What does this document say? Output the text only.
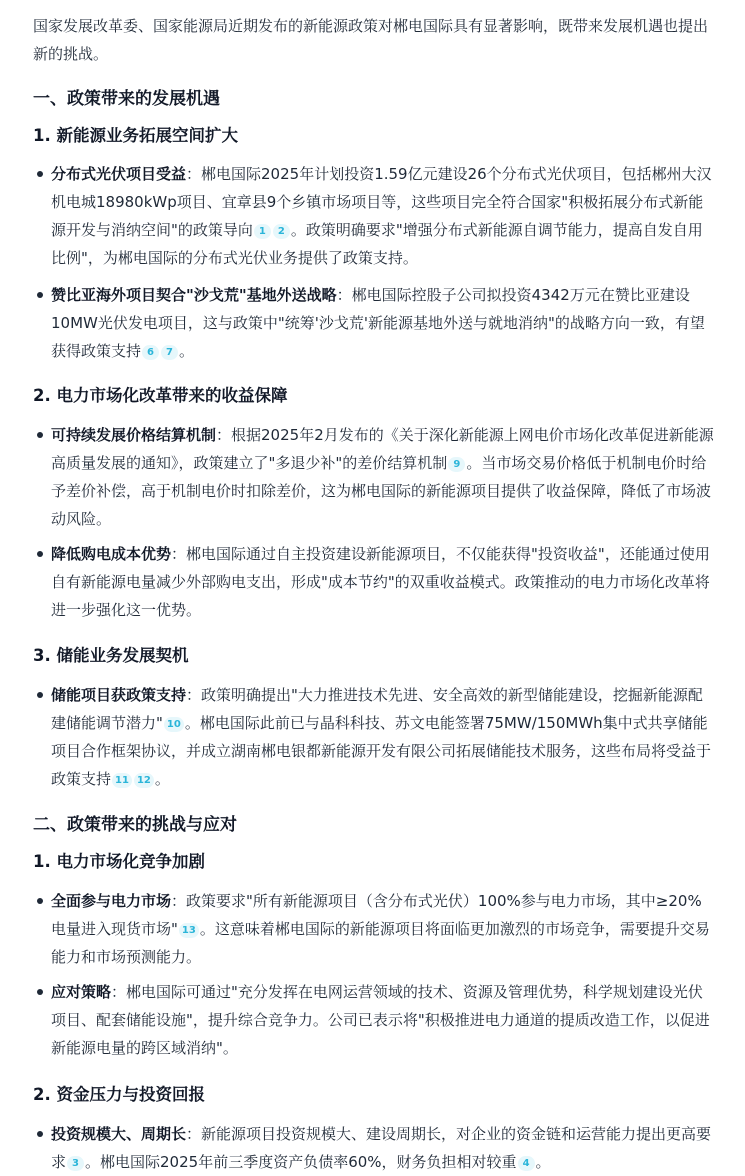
国家发展改革委、国家能源局近期发布的新能源政策对郴电国际具有显著影响，既带来发展机遇也提出新的挑战。

一、政策带来的发展机遇
1. 新能源业务拓展空间扩大
分布式光伏项目受益：郴电国际2025年计划投资1.59亿元建设26个分布式光伏项目，包括郴州大汉机电城18980kWp项目、宜章县9个乡镇市场项目等，这些项目完全符合国家"积极拓展分布式新能源开发与消纳空间"的政策导向 1 2 。政策明确要求"增强分布式新能源自调节能力，提高自发自用比例"，为郴电国际的分布式光伏业务提供了政策支持。
赞比亚海外项目契合"沙戈荒"基地外送战略：郴电国际控股子公司拟投资4342万元在赞比亚建设10MW光伏发电项目，这与政策中"统筹'沙戈荒'新能源基地外送与就地消纳"的战略方向一致，有望获得政策支持 6 7 。
2. 电力市场化改革带来的收益保障
可持续发展价格结算机制：根据2025年2月发布的《关于深化新能源上网电价市场化改革促进新能源高质量发展的通知》，政策建立了"多退少补"的差价结算机制 9 。当市场交易价格低于机制电价时给予差价补偿，高于机制电价时扣除差价，这为郴电国际的新能源项目提供了收益保障，降低了市场波动风险。
降低购电成本优势：郴电国际通过自主投资建设新能源项目，不仅能获得"投资收益"，还能通过使用自有新能源电量减少外部购电支出，形成"成本节约"的双重收益模式。政策推动的电力市场化改革将进一步强化这一优势。
3. 储能业务发展契机
储能项目获政策支持：政策明确提出"大力推进技术先进、安全高效的新型储能建设，挖掘新能源配建储能调节潜力" 10 。郴电国际此前已与晶科科技、苏文电能签署75MW/150MWh集中式共享储能项目合作框架协议，并成立湖南郴电银都新能源开发有限公司拓展储能技术服务，这些布局将受益于政策支持 11 12 。
二、政策带来的挑战与应对
1. 电力市场化竞争加剧
全面参与电力市场：政策要求"所有新能源项目（含分布式光伏）100%参与电力市场，其中≥20%电量进入现货市场" 13 。这意味着郴电国际的新能源项目将面临更加激烈的市场竞争，需要提升交易能力和市场预测能力。
应对策略：郴电国际可通过"充分发挥在电网运营领域的技术、资源及管理优势，科学规划建设光伏项目、配套储能设施"，提升综合竞争力。公司已表示将"积极推进电力通道的提质改造工作，以促进新能源电量的跨区域消纳"。
2. 资金压力与投资回报
投资规模大、周期长：新能源项目投资规模大、建设周期长，对企业的资金链和运营能力提出更高要求 3 。郴电国际2025年前三季度资产负债率60%，财务负担相对较重 4 。
